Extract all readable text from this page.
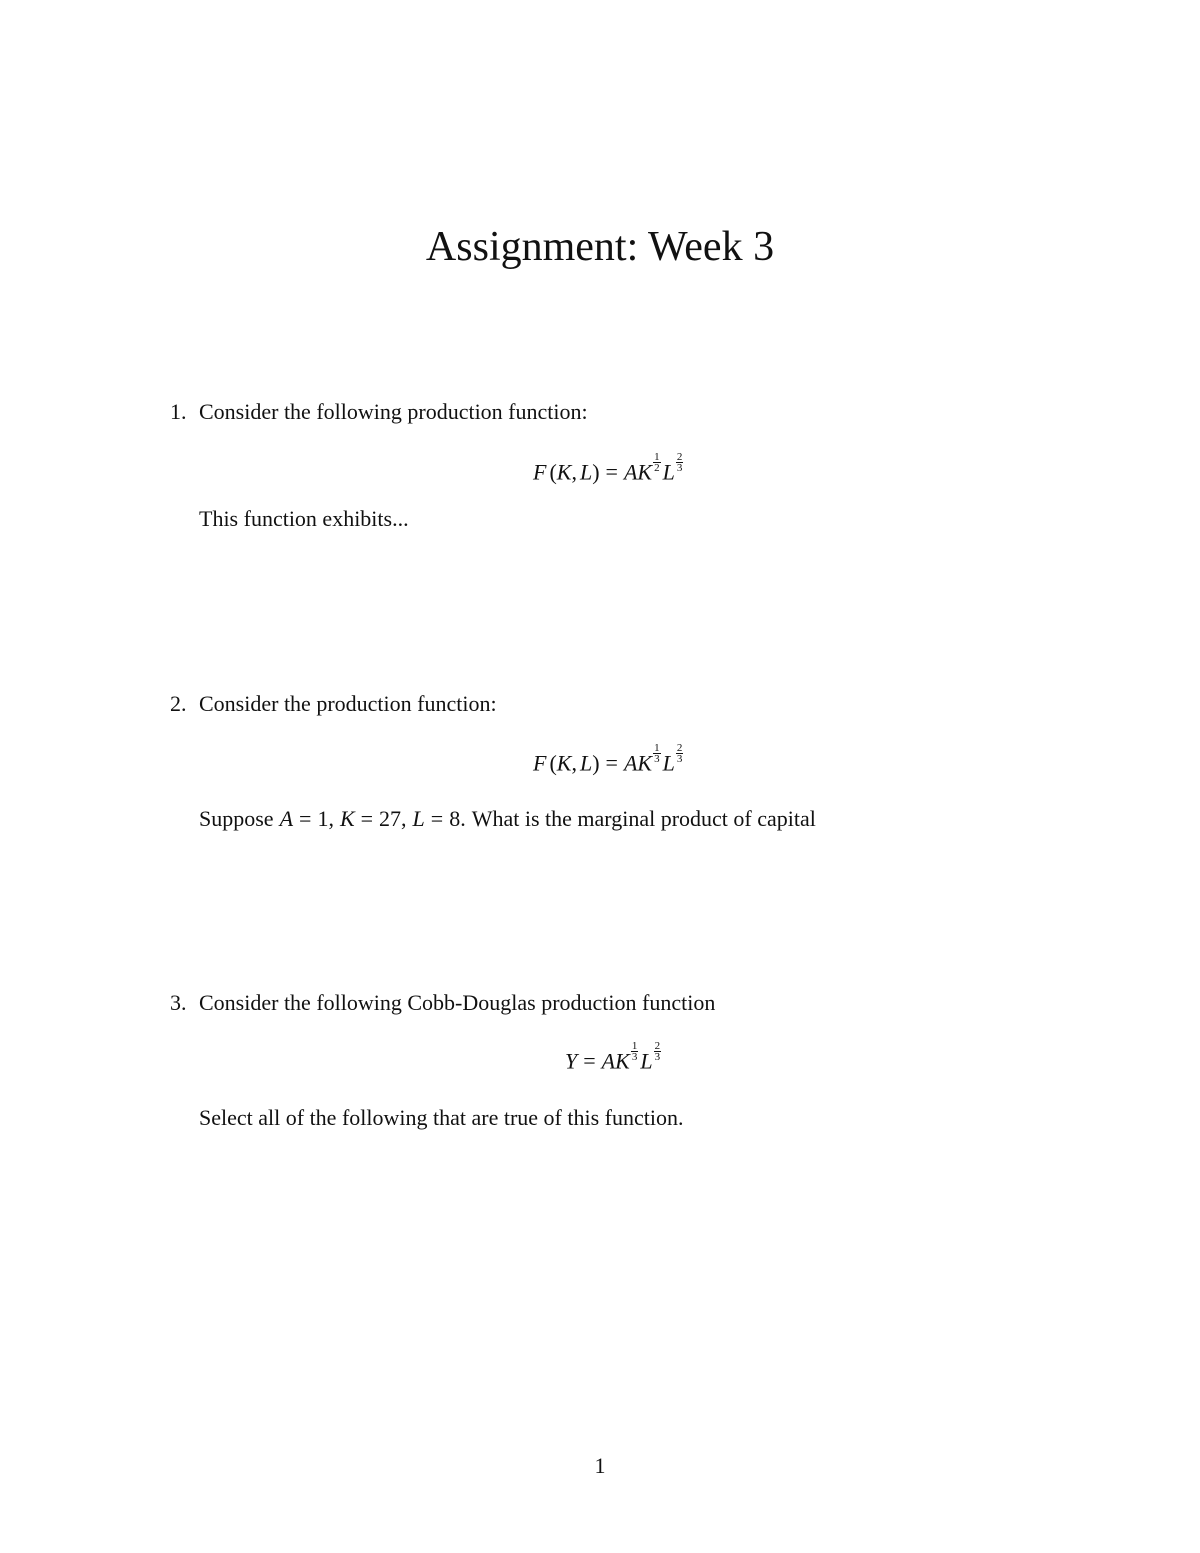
Assignment: Week 3
1. Consider the following production function:
F (K, L) = AK $\frac{1}{2}$ L $\frac{2}{3}$
This function exhibits...
2. Consider the production function:
F (K, L) = AK $\frac{1}{3}$ L $\frac{2}{3}$
Suppose A = 1, K = 27, L = 8. What is the marginal product of capital
3. Consider the following Cobb-Douglas production function
Y = AK $\frac{1}{3}$ L $\frac{2}{3}$
Select all of the following that are true of this function.
1
